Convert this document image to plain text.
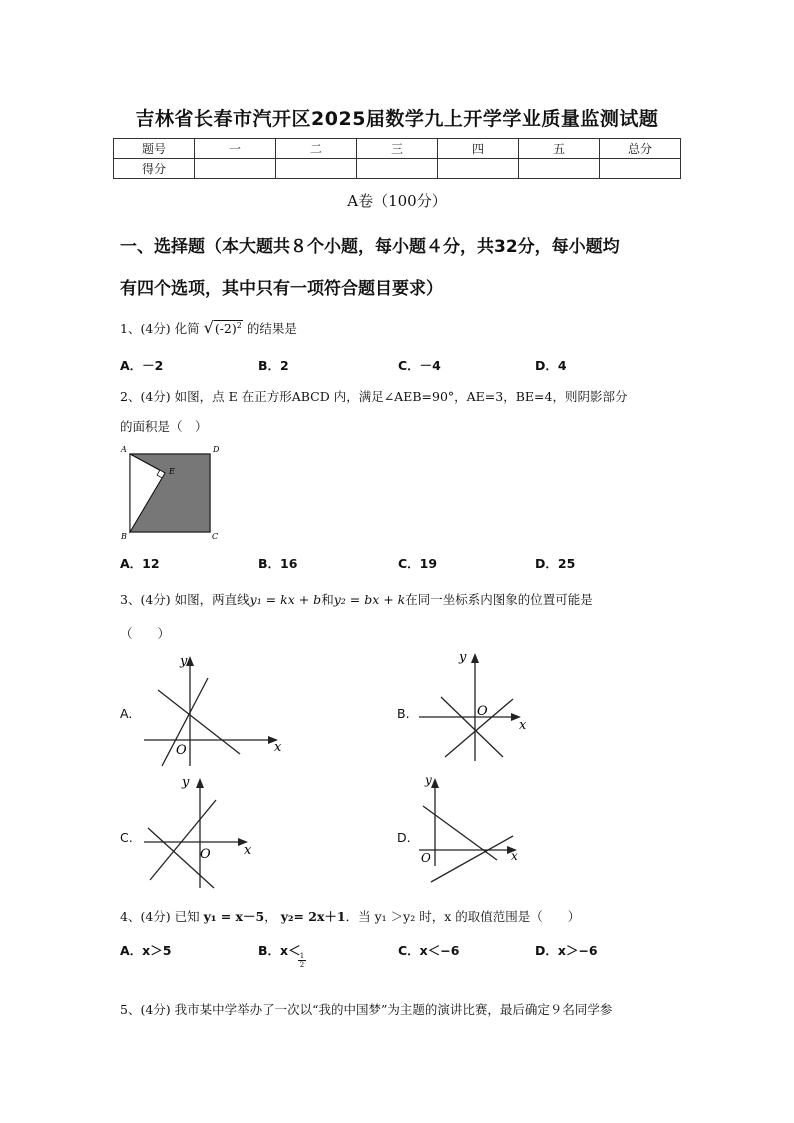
吉林省长春市汽开区2025届数学九上开学学业质量监测试题
题号	一	二	三	四	五	总分
得分						
A卷（100分）
一、选择题（本大题共８个小题，每小题４分，共32分，每小题均
有四个选项，其中只有一项符合题目要求）
1、(4分) 化简 $√(-2)^2$ 的结果是
A．－2	B．2	C．－4	D．4
2、(4分) 如图，点 E 在正方形ABCD 内，满足∠AEB=90°，AE=3，BE=4，则阴影部分
的面积是（　）
A	D
E
B	C
A．12	B．16	C．19	D．25
3、(4分) 如图，两直线y₁ = kx + b和y₂ = bx + k在同一坐标系内图象的位置可能是
（　　）
A.
x
y
O
B.
x
y
O
C.
x
y
O
D.
x
y
O
4、(4分) 已知 y₁ = x－5， y₂= 2x＋1．当 y₁ ＞y₂ 时，x 的取值范围是（　　）
A．x＞5	B．x＜
$\frac{1}{2}$
C．x＜−6	D．x＞−6
5、(4分) 我市某中学举办了一次以“我的中国梦”为主题的演讲比赛，最后确定９名同学参
